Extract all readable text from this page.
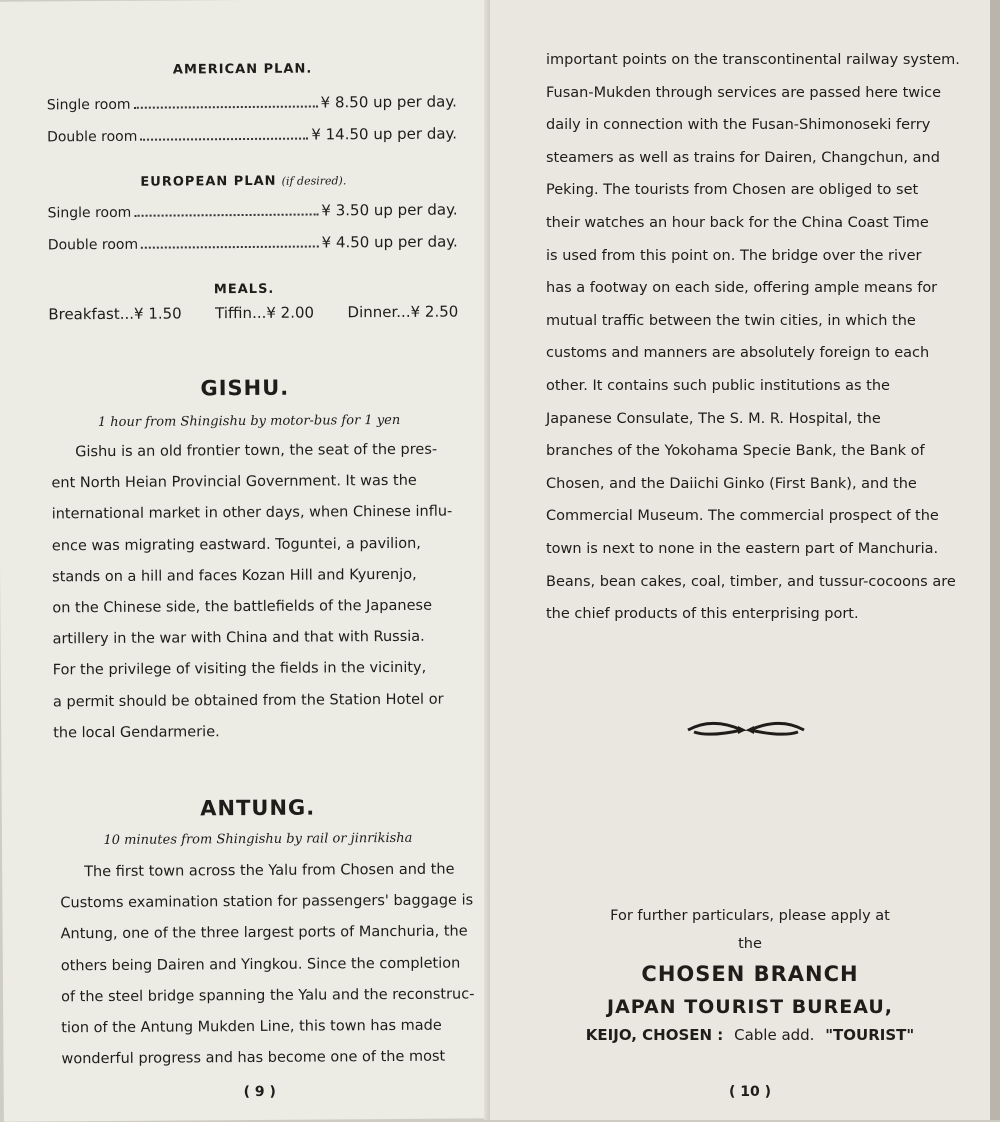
AMERICAN PLAN.
Single room	¥ 8.50 up per day.
Double room	¥ 14.50 up per day.
EUROPEAN PLAN (if desired).
Single room	¥ 3.50 up per day.
Double room	¥ 4.50 up per day.
MEALS.
Breakfast...¥ 1.50 Tiffin...¥ 2.00 Dinner...¥ 2.50
GISHU.
1 hour from Shingishu by motor-bus for 1 yen
Gishu is an old frontier town, the seat of the pres-
ent North Heian Provincial Government. It was the
international market in other days, when Chinese influ-
ence was migrating eastward. Toguntei, a pavilion,
stands on a hill and faces Kozan Hill and Kyurenjo,
on the Chinese side, the battlefields of the Japanese
artillery in the war with China and that with Russia.
For the privilege of visiting the fields in the vicinity,
a permit should be obtained from the Station Hotel or
the local Gendarmerie.
ANTUNG.
10 minutes from Shingishu by rail or jinrikisha
The first town across the Yalu from Chosen and the
Customs examination station for passengers' baggage is
Antung, one of the three largest ports of Manchuria, the
others being Dairen and Yingkou. Since the completion
of the steel bridge spanning the Yalu and the reconstruc-
tion of the Antung Mukden Line, this town has made
wonderful progress and has become one of the most
( 9 )
important points on the transcontinental railway system.
Fusan-Mukden through services are passed here twice
daily in connection with the Fusan-Shimonoseki ferry
steamers as well as trains for Dairen, Changchun, and
Peking. The tourists from Chosen are obliged to set
their watches an hour back for the China Coast Time
is used from this point on. The bridge over the river
has a footway on each side, offering ample means for
mutual traffic between the twin cities, in which the
customs and manners are absolutely foreign to each
other. It contains such public institutions as the
Japanese Consulate, The S. M. R. Hospital, the
branches of the Yokohama Specie Bank, the Bank of
Chosen, and the Daiichi Ginko (First Bank), and the
Commercial Museum. The commercial prospect of the
town is next to none in the eastern part of Manchuria.
Beans, bean cakes, coal, timber, and tussur-cocoons are
the chief products of this enterprising port.
For further particulars, please apply at
the
CHOSEN BRANCH
JAPAN TOURIST BUREAU,
KEIJO, CHOSEN : Cable add. "TOURIST"
( 10 )
